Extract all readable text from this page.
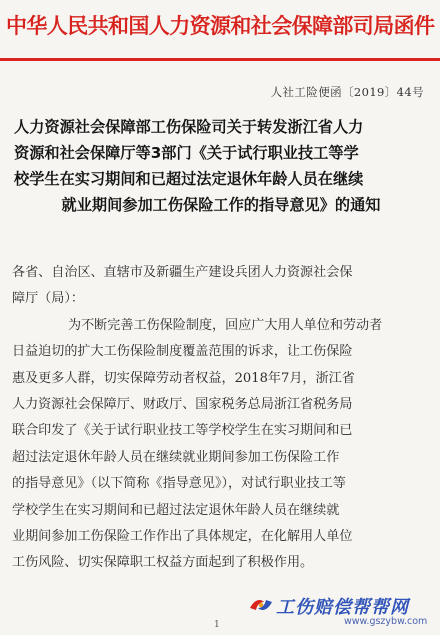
中华人民共和国人力资源和社会保障部司局函件
人社工险便函〔2019〕44号
人力资源社会保障部工伤保险司关于转发浙江省人力
资源和社会保障厅等3部门《关于试行职业技工等学
校学生在实习期间和已超过法定退休年龄人员在继续
就业期间参加工伤保险工作的指导意见》的通知
各省、自治区、直辖市及新疆生产建设兵团人力资源社会保
障厅（局）：
为不断完善工伤保险制度，回应广大用人单位和劳动者
日益迫切的扩大工伤保险制度覆盖范围的诉求，让工伤保险
惠及更多人群，切实保障劳动者权益，2018年7月，浙江省
人力资源社会保障厅、财政厅、国家税务总局浙江省税务局
联合印发了《关于试行职业技工等学校学生在实习期间和已
超过法定退休年龄人员在继续就业期间参加工伤保险工作
的指导意见》（以下简称《指导意见》），对试行职业技工等
学校学生在实习期间和已超过法定退休年龄人员在继续就
业期间参加工伤保险工作作出了具体规定，在化解用人单位
工伤风险、切实保障职工权益方面起到了积极作用。
1
工伤赔偿帮帮网
www.gszybw.com
